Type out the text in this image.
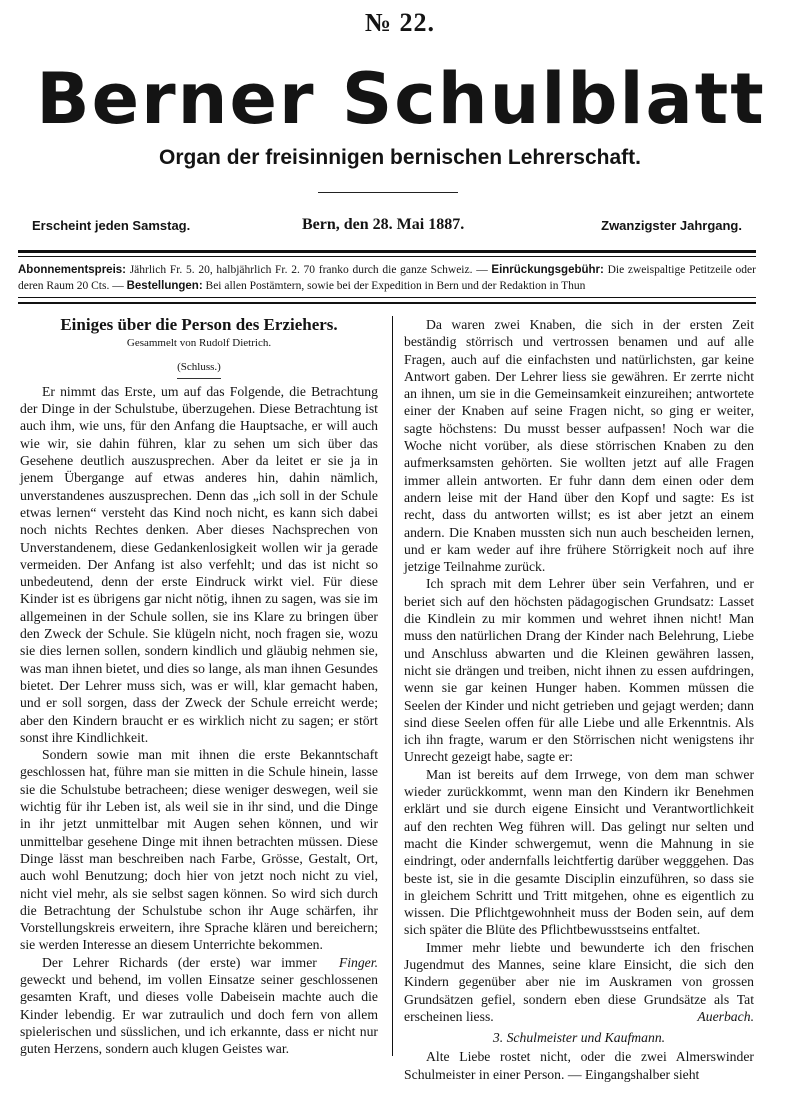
№ 22.
Berner Schulblatt
Organ der freisinnigen bernischen Lehrerschaft.
Erscheint jeden Samstag.	Bern, den 28. Mai 1887.	Zwanzigster Jahrgang.
Abonnementspreis: Jährlich Fr. 5. 20, halbjährlich Fr. 2. 70 franko durch die ganze Schweiz. — Einrückungsgebühr: Die zweispaltige Petitzeile oder deren Raum 20 Cts. — Bestellungen: Bei allen Postämtern, sowie bei der Expedition in Bern und der Redaktion in Thun
Einiges über die Person des Erziehers.
Gesammelt von Rudolf Dietrich.
(Schluss.)

Er nimmt das Erste, um auf das Folgende, die Betrachtung der Dinge in der Schulstube, überzugehen. Diese Betrachtung ist auch ihm, wie uns, für den Anfang die Hauptsache, er will auch wie wir, sie dahin führen, klar zu sehen um sich über das Gesehene deutlich auszusprechen. Aber da leitet er sie ja in jenem Übergange auf etwas anderes hin, dahin nämlich, unverstandenes auszusprechen. Denn das „ich soll in der Schule etwas lernen“ versteht das Kind noch nicht, es kann sich dabei noch nichts Rechtes denken. Aber dieses Nachsprechen von Unverstandenem, diese Gedankenlosigkeit wollen wir ja gerade vermeiden. Der Anfang ist also verfehlt; und das ist nicht so unbedeutend, denn der erste Eindruck wirkt viel. Für diese Kinder ist es übrigens gar nicht nötig, ihnen zu sagen, was sie im allgemeinen in der Schule sollen, sie ins Klare zu bringen über den Zweck der Schule. Sie klügeln nicht, noch fragen sie, wozu sie dies lernen sollen, sondern kindlich und gläubig nehmen sie, was man ihnen bietet, und dies so lange, als man ihnen Gesundes bietet. Der Lehrer muss sich, was er will, klar gemacht haben, und er soll sorgen, dass der Zweck der Schule erreicht werde; aber den Kindern braucht er es wirklich nicht zu sagen; er stört sonst ihre Kindlichkeit.

Sondern sowie man mit ihnen die erste Bekanntschaft geschlossen hat, führe man sie mitten in die Schule hinein, lasse sie die Schulstube betracheen; diese weniger deswegen, weil sie wichtig für ihr Leben ist, als weil sie in ihr sind, und die Dinge in ihr jetzt unmittelbar mit Augen sehen können, und wir unmittelbar gesehene Dinge mit ihnen betrachten müssen. Diese Dinge lässt man beschreiben nach Farbe, Grösse, Gestalt, Ort, auch wohl Benutzung; doch hier von jetzt noch nicht zu viel, nicht viel mehr, als sie selbst sagen können. So wird sich durch die Betrachtung der Schulstube schon ihr Auge schärfen, ihr Vorstellungskreis erweitern, ihre Sprache klären und bereichern; sie werden Interesse an diesem Unterrichte bekommen.
Finger.

Der Lehrer Richards (der erste) war immer geweckt und behend, im vollen Einsatze seiner geschlossenen gesamten Kraft, und dieses volle Dabeisein machte auch die Kinder lebendig. Er war zutraulich und doch fern von allem spielerischen und süsslichen, und ich erkannte, dass er nicht nur guten Herzens, sondern auch klugen Geistes war.

Da waren zwei Knaben, die sich in der ersten Zeit beständig störrisch und vertrossen benamen und auf alle Fragen, auch auf die einfachsten und natürlichsten, gar keine Antwort gaben. Der Lehrer liess sie gewähren. Er zerrte nicht an ihnen, um sie in die Gemeinsamkeit einzureihen; antwortete einer der Knaben auf seine Fragen nicht, so ging er weiter, sagte höchstens: Du musst besser aufpassen! Noch war die Woche nicht vorüber, als diese störrischen Knaben zu den aufmerksamsten gehörten. Sie wollten jetzt auf alle Fragen immer allein antworten. Er fuhr dann dem einen oder dem andern leise mit der Hand über den Kopf und sagte: Es ist recht, dass du antworten willst; es ist aber jetzt an einem andern. Die Knaben mussten sich nun auch bescheiden lernen, und er kam weder auf ihre frühere Störrigkeit noch auf ihre jetzige Teilnahme zurück.

Ich sprach mit dem Lehrer über sein Verfahren, und er beriet sich auf den höchsten pädagogischen Grundsatz: Lasset die Kindlein zu mir kommen und wehret ihnen nicht! Man muss den natürlichen Drang der Kinder nach Belehrung, Liebe und Anschluss abwarten und die Kleinen gewähren lassen, nicht sie drängen und treiben, nicht ihnen zu essen aufdringen, wenn sie gar keinen Hunger haben. Kommen müssen die Seelen der Kinder und nicht getrieben und gejagt werden; dann sind diese Seelen offen für alle Liebe und alle Erkenntnis. Als ich ihn fragte, warum er den Störrischen nicht wenigstens ihr Unrecht gezeigt habe, sagte er:

Man ist bereits auf dem Irrwege, von dem man schwer wieder zurückkommt, wenn man den Kindern ikr Benehmen erklärt und sie durch eigene Einsicht und Verantwortlichkeit auf den rechten Weg führen will. Das gelingt nur selten und macht die Kinder schwergemut, wenn die Mahnung in sie eindringt, oder andernfalls leichtfertig darüber wegggehen. Das beste ist, sie in die gesamte Disciplin einzuführen, so dass sie in gleichem Schritt und Tritt mitgehen, ohne es eigentlich zu wissen. Die Pflichtgewohnheit muss der Boden sein, auf dem sich später die Blüte des Pflichtbewusstseins entfaltet.

Immer mehr liebte und bewunderte ich den frischen Jugendmut des Mannes, seine klare Einsicht, die sich den Kindern gegenüber aber nie im Auskramen von grossen Grundsätzen gefiel, sondern eben diese Grundsätze als Tat erscheinen liess.	Auerbach.

3. Schulmeister und Kaufmann.

Alte Liebe rostet nicht, oder die zwei Almerswinder Schulmeister in einer Person. — Eingangshalber sieht
